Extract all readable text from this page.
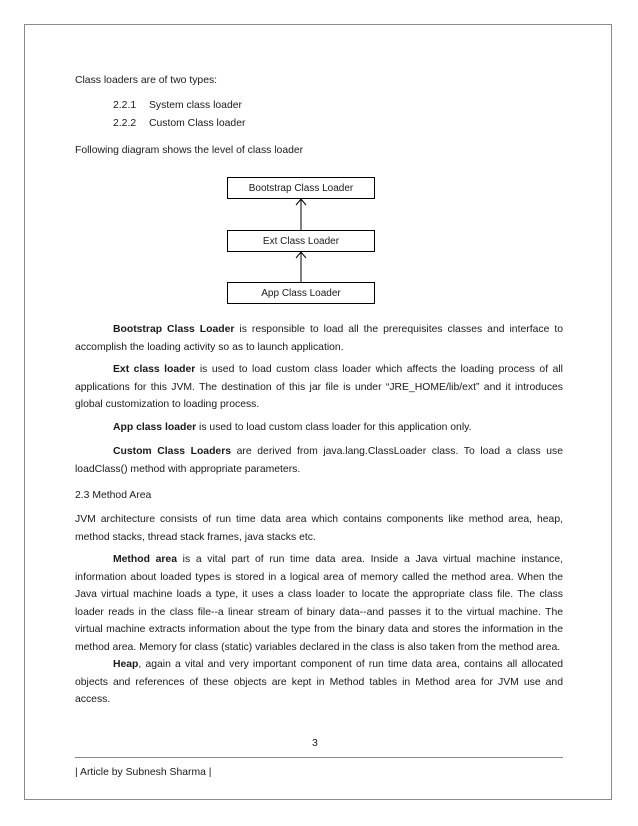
Class loaders are of two types:
2.2.1 System class loader
2.2.2 Custom Class loader
Following diagram shows the level of class loader
Bootstrap Class Loader
Ext Class Loader
App Class Loader

Bootstrap Class Loader is responsible to load all the prerequisites classes and interface to accomplish the loading activity so as to launch application.

Ext class loader is used to load custom class loader which affects the loading process of all applications for this JVM. The destination of this jar file is under “JRE_HOME/lib/ext” and it introduces global customization to loading process.

App class loader is used to load custom class loader for this application only.

Custom Class Loaders are derived from java.lang.ClassLoader class. To load a class use loadClass() method with appropriate parameters.

2.3 Method Area

JVM architecture consists of run time data area which contains components like method area, heap, method stacks, thread stack frames, java stacks etc.

Method area is a vital part of run time data area. Inside a Java virtual machine instance, information about loaded types is stored in a logical area of memory called the method area. When the Java virtual machine loads a type, it uses a class loader to locate the appropriate class file. The class loader reads in the class file--a linear stream of binary data--and passes it to the virtual machine. The virtual machine extracts information about the type from the binary data and stores the information in the method area. Memory for class (static) variables declared in the class is also taken from the method area.

Heap, again a vital and very important component of run time data area, contains all allocated objects and references of these objects are kept in Method tables in Method area for JVM use and access.

3
| Article by Subnesh Sharma |
